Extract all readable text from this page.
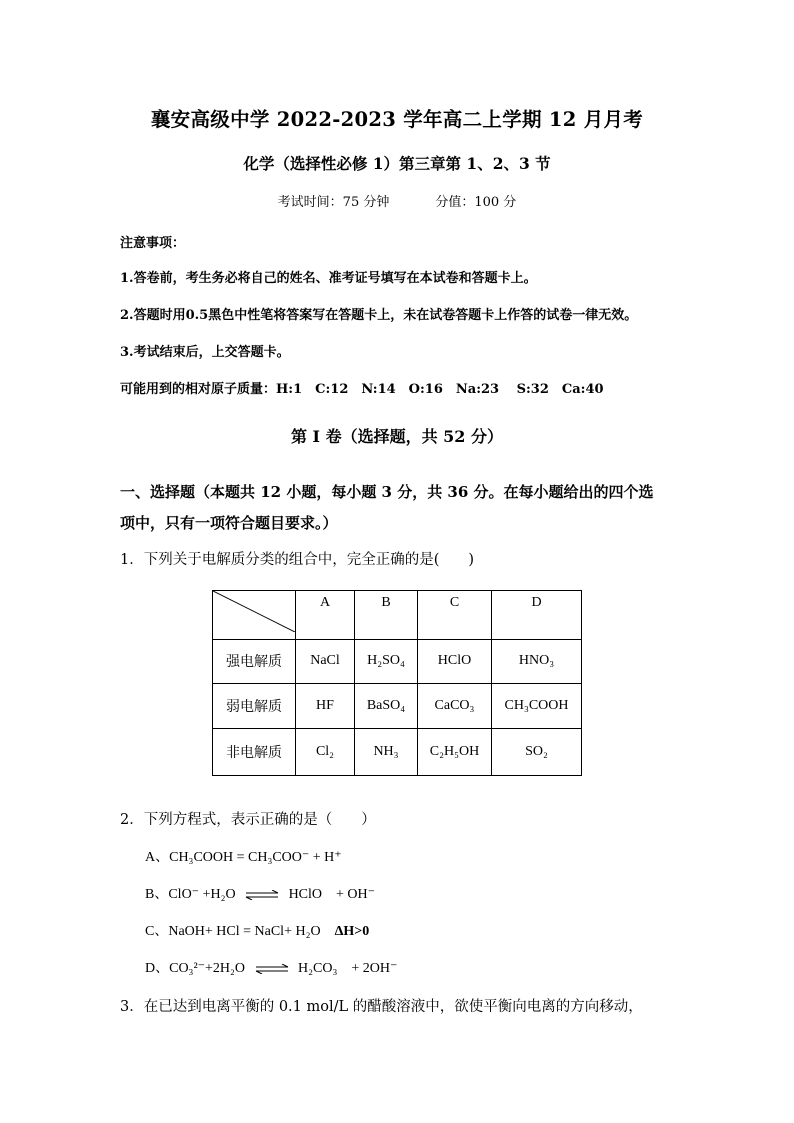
襄安高级中学 2022-2023 学年高二上学期 12 月月考
化学（选择性必修 1）第三章第 1、2、3 节
考试时间：75 分钟	分值：100 分
注意事项：
1.答卷前，考生务必将自己的姓名、准考证号填写在本试卷和答题卡上。
2.答题时用0.5黑色中性笔将答案写在答题卡上，未在试卷答题卡上作答的试卷一律无效。
3.考试结束后，上交答题卡。
可能用到的相对原子质量：H:1　C:12　N:14　O:16　Na:23　 S:32　Ca:40
第 I 卷（选择题，共 52 分）
一、选择题（本题共 12 小题，每小题 3 分，共 36 分。在每小题给出的四个选
项中，只有一项符合题目要求。）
1．下列关于电解质分类的组合中，完全正确的是(　　)
	A	B	C	D
强电解质	NaCl	H₂SO₄	HClO	HNO₃
弱电解质	HF	BaSO₄	CaCO₃	CH₃COOH
非电解质	Cl₂	NH₃	C₂H₅OH	SO₂
2．下列方程式，表示正确的是（　　）
A、CH₃COOH = CH₃COO⁻ + H⁺
B、ClO⁻ +H₂O ⇌ HClO　+ OH⁻
C、NaOH+ HCl = NaCl+ H₂O　ΔH>0
D、CO₃²⁻+2H₂O ⇌ H₂CO₃　+ 2OH⁻
3．在已达到电离平衡的 0.1 mol/L 的醋酸溶液中，欲使平衡向电离的方向移动，
